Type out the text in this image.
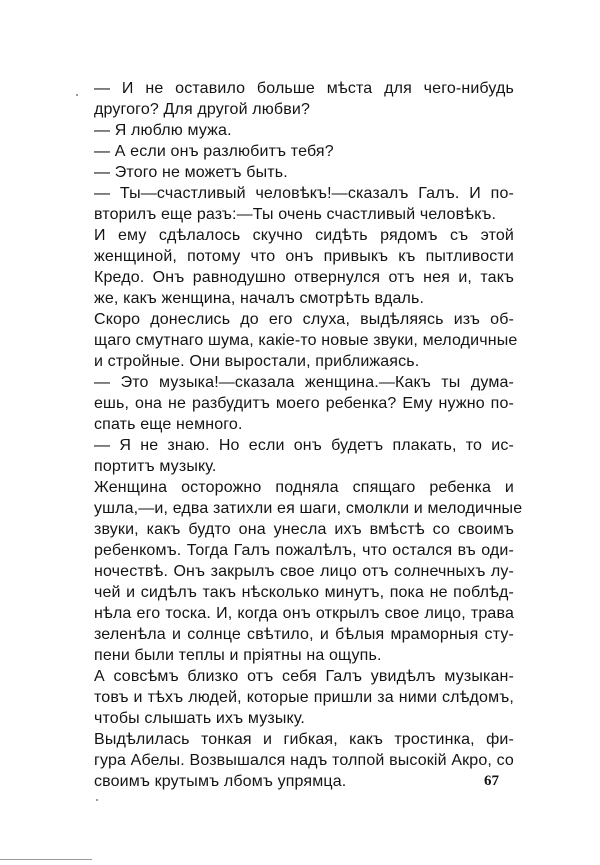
— И не оставило больше мѣста для чего-нибудь
другого? Для другой любви?
— Я люблю мужа.
— А если онъ разлюбитъ тебя?
— Этого не можетъ быть.
— Ты—счастливый человѣкъ!—сказалъ Галъ. И по-
вторилъ еще разъ:—Ты очень счастливый человѣкъ.
И ему сдѣлалось скучно сидѣть рядомъ съ этой
женщиной, потому что онъ привыкъ къ пытливости
Кредо. Онъ равнодушно отвернулся отъ нея и, такъ
же, какъ женщина, началъ смотрѣть вдаль.
Скоро донеслись до его слуха, выдѣляясь изъ об-
щаго смутнаго шума, какіе-то новые звуки, мелодичные
и стройные. Они выростали, приближаясь.
— Это музыка!—сказала женщина.—Какъ ты дума-
ешь, она не разбудитъ моего ребенка? Ему нужно по-
спать еще немного.
— Я не знаю. Но если онъ будетъ плакать, то ис-
портитъ музыку.
Женщина осторожно подняла спящаго ребенка и
ушла,—и, едва затихли ея шаги, смолкли и мелодичные
звуки, какъ будто она унесла ихъ вмѣстѣ со своимъ
ребенкомъ. Тогда Галъ пожалѣлъ, что остался въ оди-
ночествѣ. Онъ закрылъ свое лицо отъ солнечныхъ лу-
чей и сидѣлъ такъ нѣсколько минутъ, пока не поблѣд-
нѣла его тоска. И, когда онъ открылъ свое лицо, трава
зеленѣла и солнце свѣтило, и бѣлыя мраморныя сту-
пени были теплы и пріятны на ощупь.
А совсѣмъ близко отъ себя Галъ увидѣлъ музыкан-
товъ и тѣхъ людей, которые пришли за ними слѣдомъ,
чтобы слышать ихъ музыку.
Выдѣлилась тонкая и гибкая, какъ тростинка, фи-
гура Абелы. Возвышался надъ толпой высокій Акро, со
своимъ крутымъ лбомъ упрямца.	67
